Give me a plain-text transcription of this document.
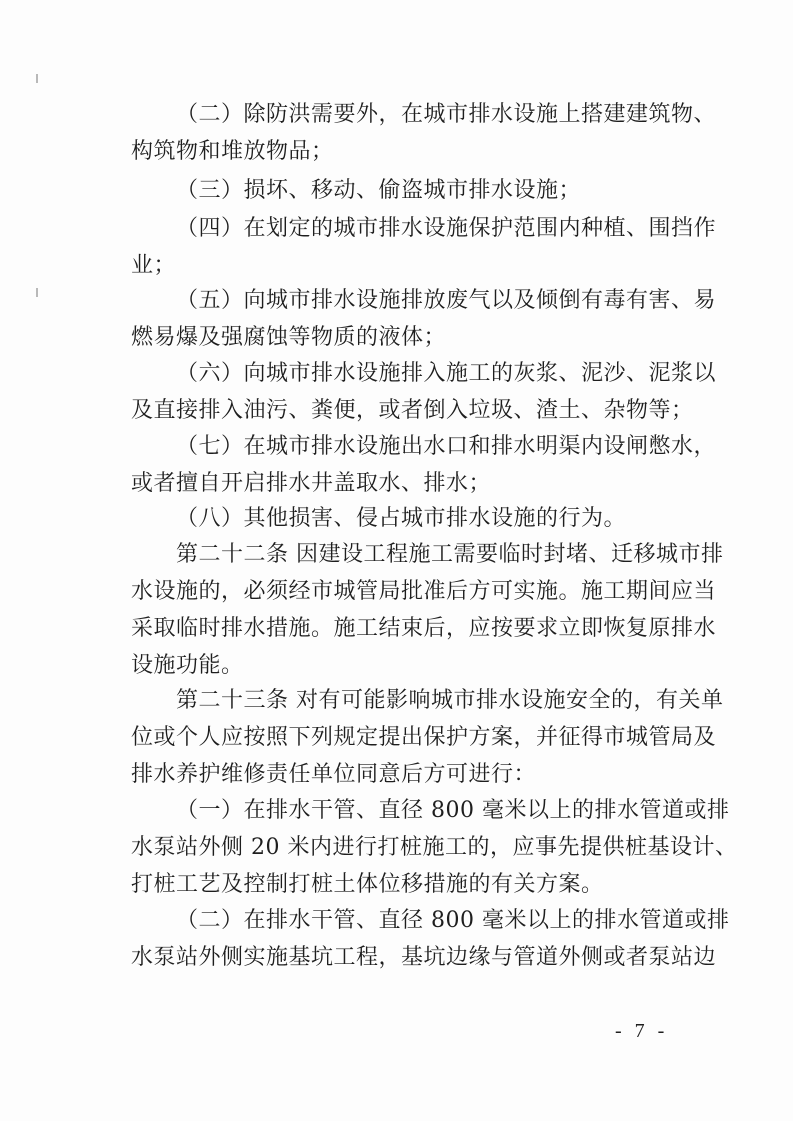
（二）除防洪需要外，在城市排水设施上搭建建筑物、
构筑物和堆放物品；

（三）损坏、移动、偷盗城市排水设施；

（四）在划定的城市排水设施保护范围内种植、围挡作
业；

（五）向城市排水设施排放废气以及倾倒有毒有害、易
燃易爆及强腐蚀等物质的液体；

（六）向城市排水设施排入施工的灰浆、泥沙、泥浆以
及直接排入油污、粪便，或者倒入垃圾、渣土、杂物等；

（七）在城市排水设施出水口和排水明渠内设闸憋水，
或者擅自开启排水井盖取水、排水；

（八）其他损害、侵占城市排水设施的行为。

第二十二条 因建设工程施工需要临时封堵、迁移城市排
水设施的，必须经市城管局批准后方可实施。施工期间应当
采取临时排水措施。施工结束后，应按要求立即恢复原排水
设施功能。

第二十三条 对有可能影响城市排水设施安全的，有关单
位或个人应按照下列规定提出保护方案，并征得市城管局及
排水养护维修责任单位同意后方可进行：

（一）在排水干管、直径 800 毫米以上的排水管道或排
水泵站外侧 20 米内进行打桩施工的，应事先提供桩基设计、
打桩工艺及控制打桩土体位移措施的有关方案。

（二）在排水干管、直径 800 毫米以上的排水管道或排
水泵站外侧实施基坑工程，基坑边缘与管道外侧或者泵站边

- 7 -
